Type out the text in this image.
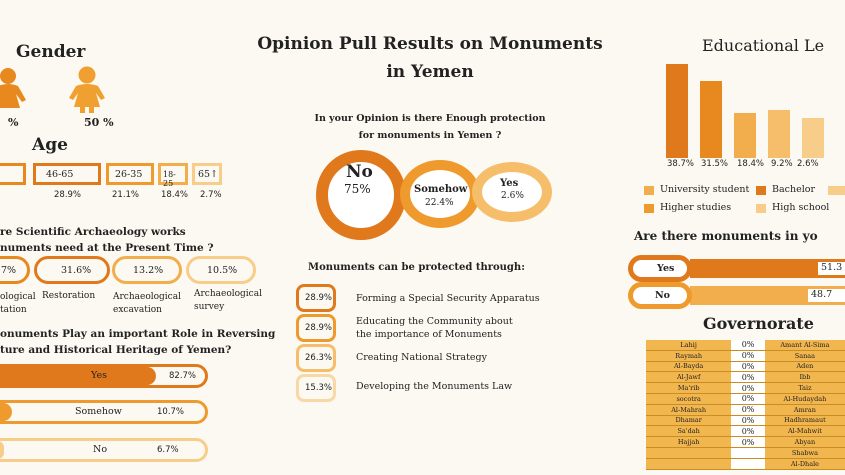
Opinion Pull Results on Monuments
in Yemen
Gender
%	50 %
Age
46-65	26-35	18-25
65↑
28.9%	21.1%	18.4% 2.7%
re Scientific Archaeology works
numents need at the Present Time ?
7%	31.6%	13.2%	10.5%
ological
tation
Restoration Archaeological
excavation
Archaeological
survey
onuments Play an important Role in Reversing
ture and Historical Heritage of Yemen?
Yes	82.7%
Somehow	10.7%
No	6.7%
In your Opinion is there Enough protection
for monuments in Yemen ?
No
75%	Somehow
22.4%
Yes
2.6%
Monuments can be protected through:
28.9%
28.9%
26.3%
15.3%
Forming a Special Security Apparatus
Educating the Community about
the importance of Monuments
Creating National Strategy
Developing the Monuments Law
Educational Le
38.7% 31.5% 18.4% 9.2% 2.6%
University student Bachelor
Higher studies	High school
Are there monuments in yo
Yes	51.3
No	48.7
Governorate
Lahij	0%	Amant Al-Sima
Raymah	0%	Sanaa
Al-Bayda	0%	Aden
Al-Jawf	0%	Ibb
Ma'rib	0%	Taiz
socotra	0%	Al-Hudaydah
Al-Mahrah	0%	Amran
Dhamar	0%	Hadhramaut
Sa'dah	0%	Al-Mahwit
Hajjah	0%	Abyan
		Shabwa
		Al-Dhale
